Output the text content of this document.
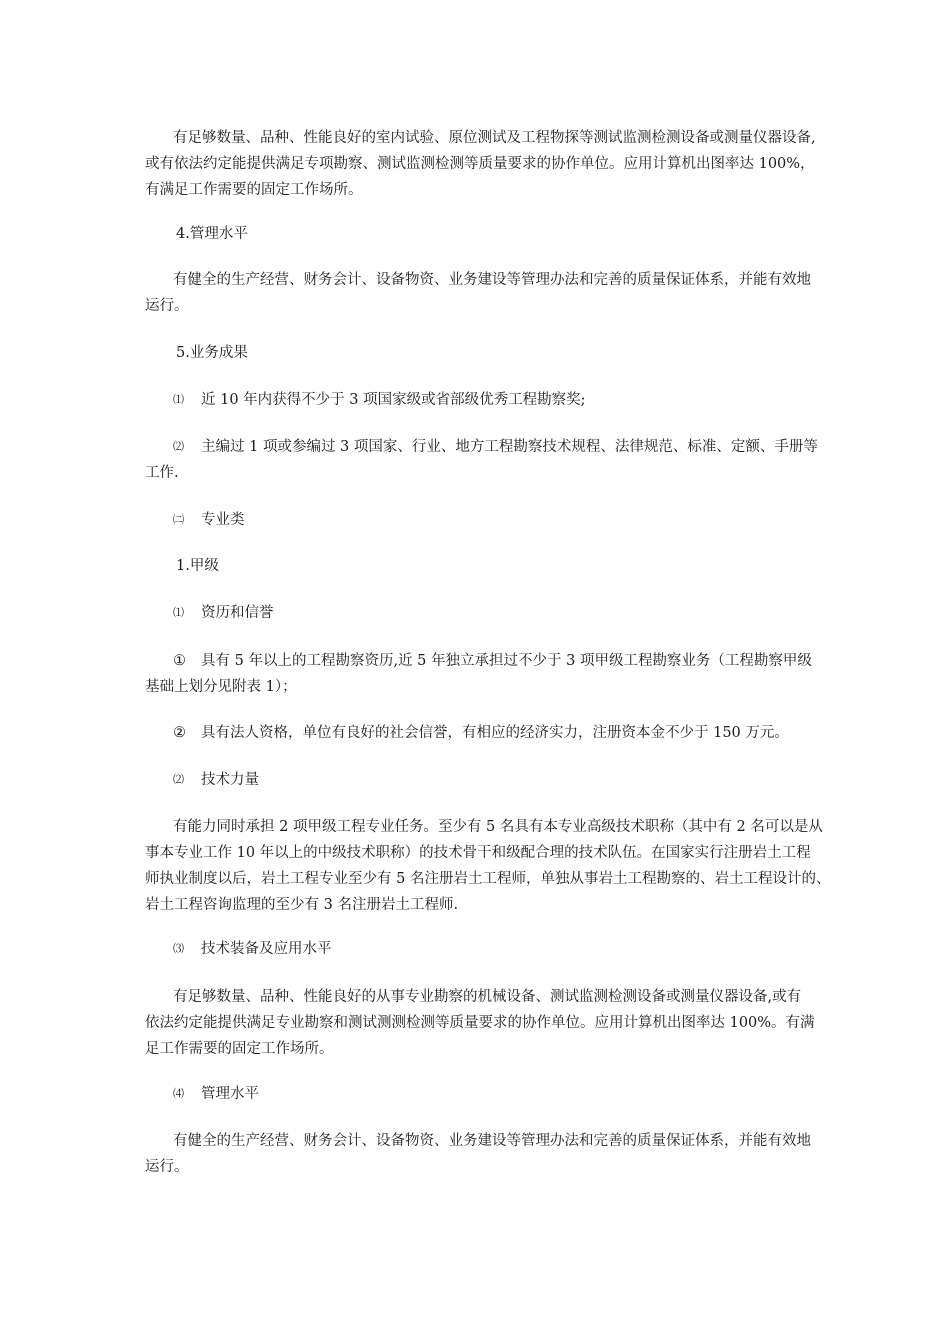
有足够数量、品种、性能良好的室内试验、原位测试及工程物探等测试监测检测设备或测量仪器设备,
或有依法约定能提供满足专项勘察、测试监测检测等质量要求的协作单位。应用计算机出图率达 100%，
有满足工作需要的固定工作场所。
4.管理水平
有健全的生产经营、财务会计、设备物资、业务建设等管理办法和完善的质量保证体系，并能有效地
运行。
5.业务成果
⑴ 近 10 年内获得不少于 3 项国家级或省部级优秀工程勘察奖;
⑵ 主编过 1 项或参编过 3 项国家、行业、地方工程勘察技术规程、法律规范、标准、定额、手册等
工作.
㈡ 专业类
1.甲级
⑴ 资历和信誉
① 具有 5 年以上的工程勘察资历,近 5 年独立承担过不少于 3 项甲级工程勘察业务（工程勘察甲级
基础上划分见附表 1）；
② 具有法人资格，单位有良好的社会信誉，有相应的经济实力，注册资本金不少于 150 万元。
⑵ 技术力量
有能力同时承担 2 项甲级工程专业任务。至少有 5 名具有本专业高级技术职称（其中有 2 名可以是从
事本专业工作 10 年以上的中级技术职称）的技术骨干和级配合理的技术队伍。在国家实行注册岩土工程
师执业制度以后，岩土工程专业至少有 5 名注册岩土工程师，单独从事岩土工程勘察的、岩土工程设计的、
岩土工程咨询监理的至少有 3 名注册岩土工程师.
⑶ 技术装备及应用水平
有足够数量、品种、性能良好的从事专业勘察的机械设备、测试监测检测设备或测量仪器设备,或有
依法约定能提供满足专业勘察和测试测测检测等质量要求的协作单位。应用计算机出图率达 100%。有满
足工作需要的固定工作场所。
⑷ 管理水平
有健全的生产经营、财务会计、设备物资、业务建设等管理办法和完善的质量保证体系，并能有效地
运行。
